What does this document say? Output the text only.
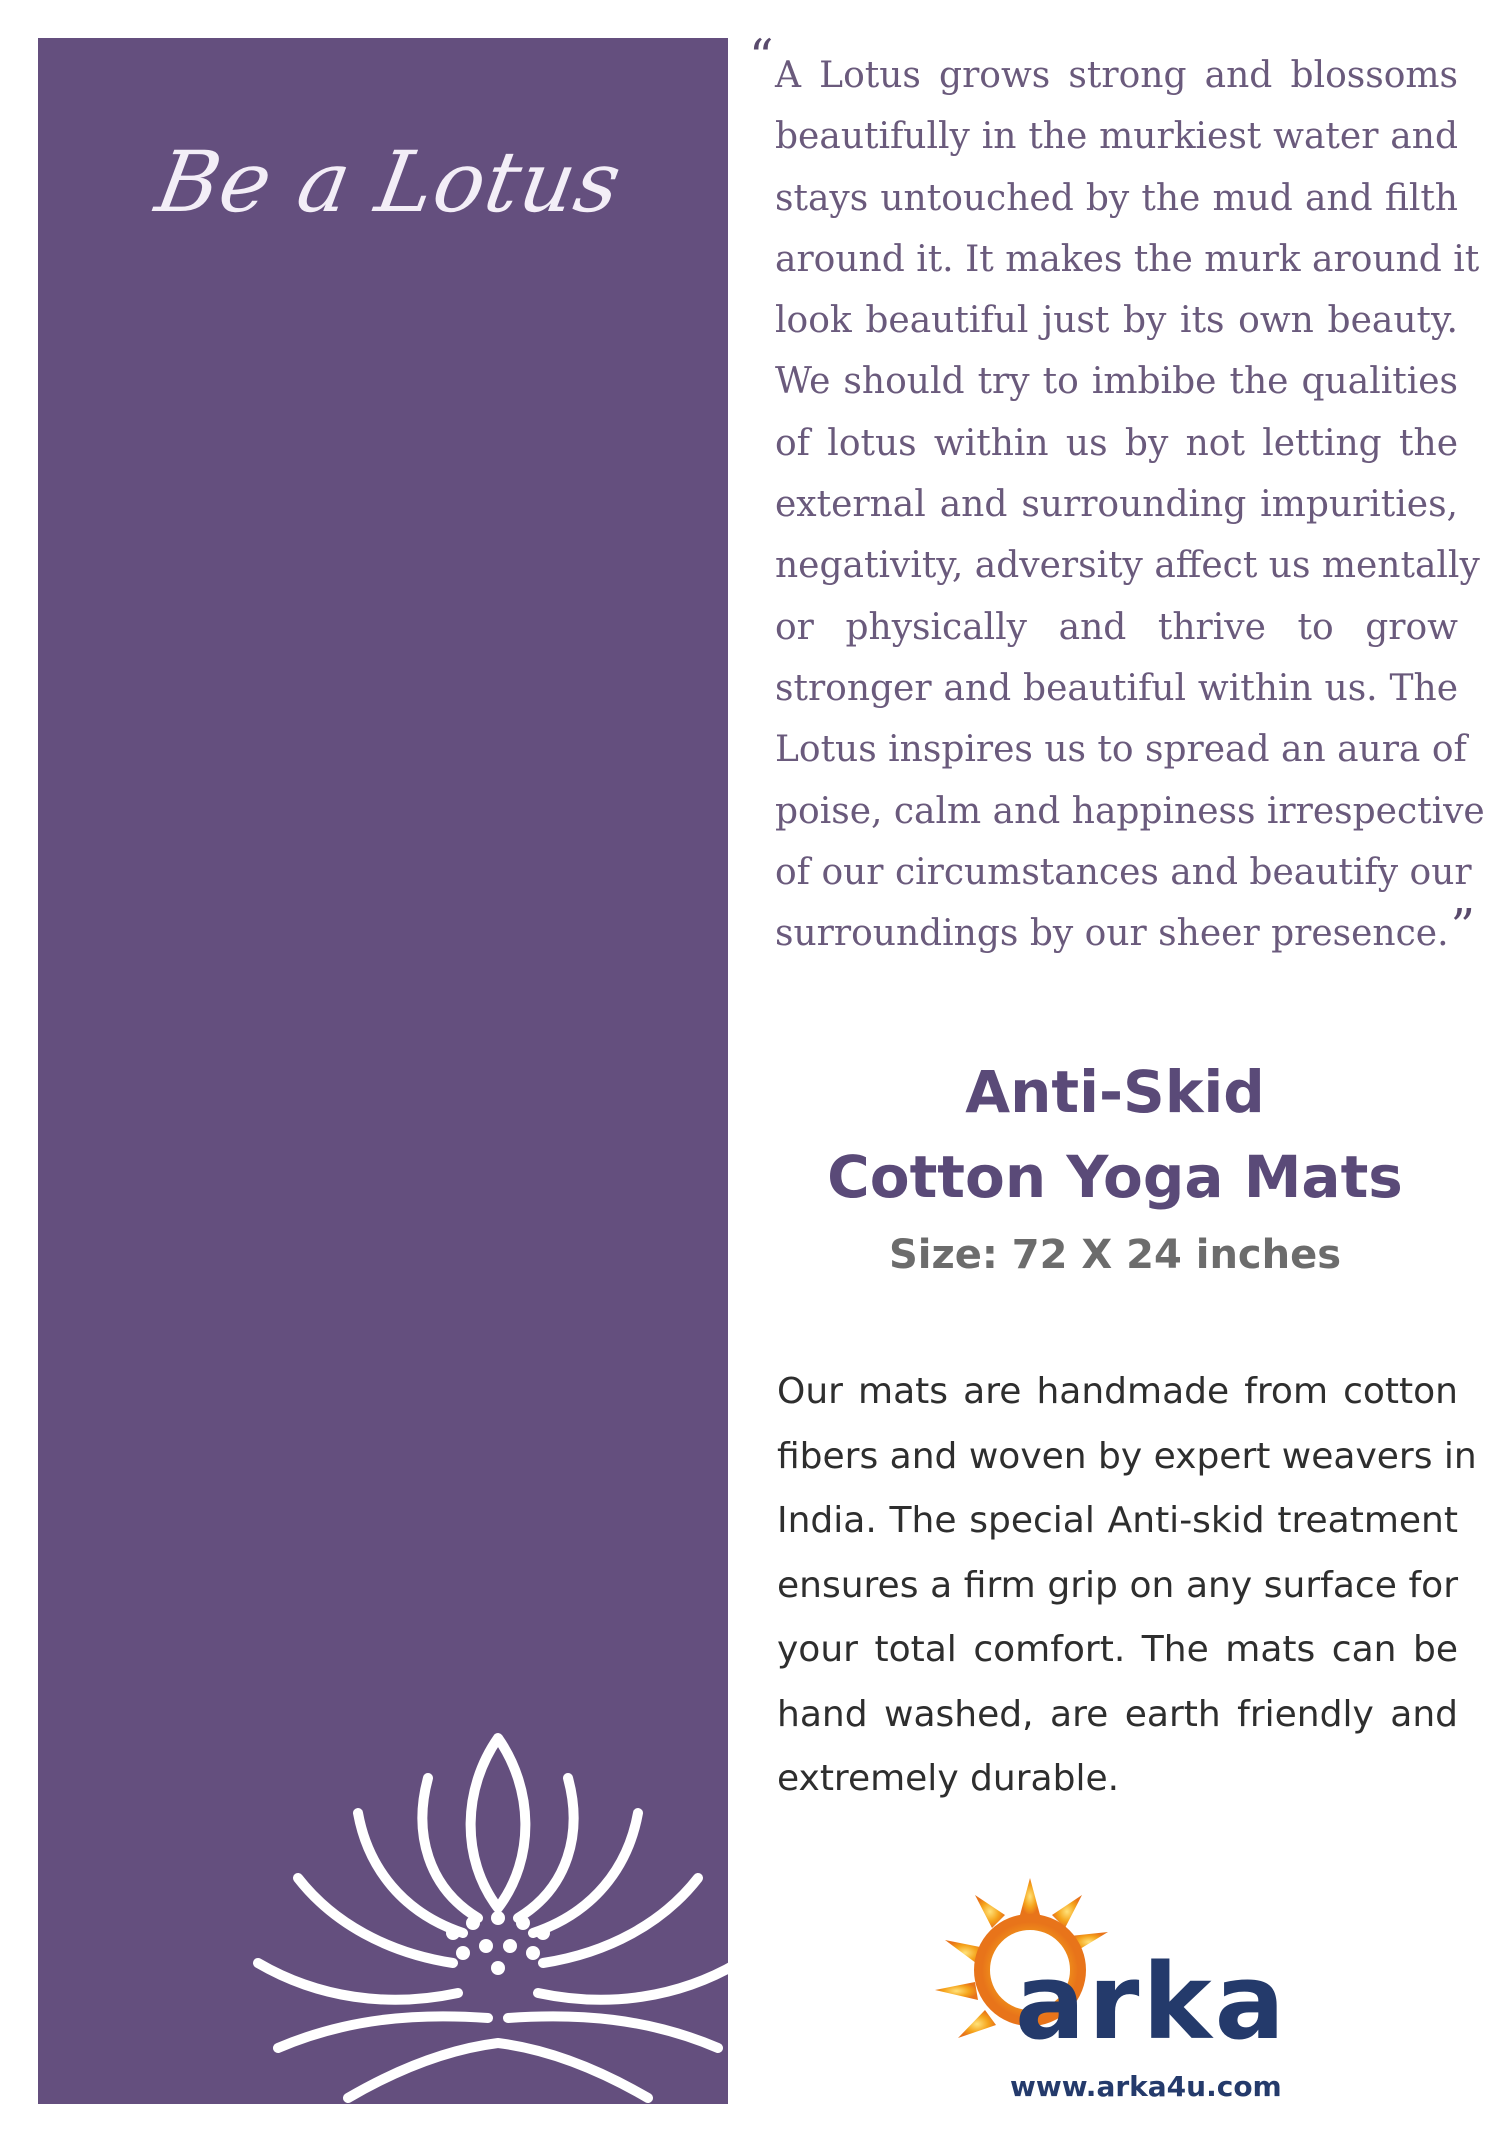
Be a Lotus
“ A Lotus grows strong and blossoms
beautifully in the murkiest water and
stays untouched by the mud and filth
around it. It makes the murk around it
look beautiful just by its own beauty.
We should try to imbibe the qualities
of lotus within us by not letting the
external and surrounding impurities,
negativity, adversity affect us mentally
or physically and thrive to grow
stronger and beautiful within us. The
Lotus inspires us to spread an aura of
poise, calm and happiness irrespective
of our circumstances and beautify our
surroundings by our sheer presence.”
Anti-Skid
Cotton Yoga Mats
Size: 72 X 24 inches
Our mats are handmade from cotton
fibers and woven by expert weavers in
India. The special Anti-skid treatment
ensures a firm grip on any surface for
your total comfort. The mats can be
hand washed, are earth friendly and
extremely durable.
arka
www.arka4u.com
